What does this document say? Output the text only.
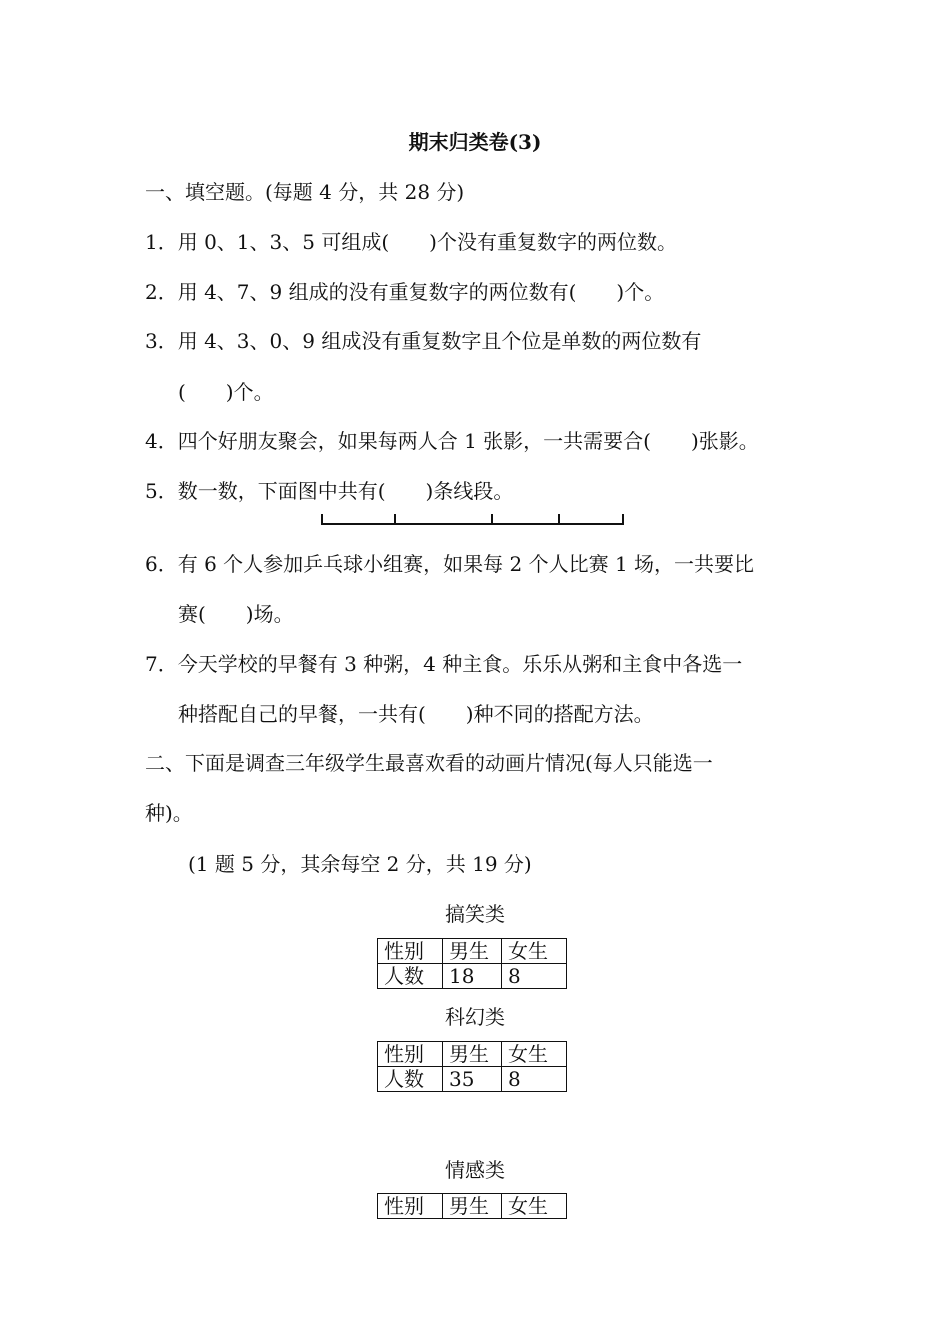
期末归类卷(3)
一、填空题。(每题 4 分，共 28 分)
1．用 0、1、3、5 可组成(　　)个没有重复数字的两位数。
2．用 4、7、9 组成的没有重复数字的两位数有(　　)个。
3．用 4、3、0、9 组成没有重复数字且个位是单数的两位数有
(　　)个。
4．四个好朋友聚会，如果每两人合 1 张影，一共需要合(　　)张影。
5．数一数，下面图中共有(　　)条线段。
6．有 6 个人参加乒乓球小组赛，如果每 2 个人比赛 1 场，一共要比
赛(　　)场。
7．今天学校的早餐有 3 种粥，4 种主食。乐乐从粥和主食中各选一
种搭配自己的早餐，一共有(　　)种不同的搭配方法。
二、下面是调查三年级学生最喜欢看的动画片情况(每人只能选一
种)。
(1 题 5 分，其余每空 2 分，共 19 分)
搞笑类
性别	男生	女生
人数	18	8
科幻类
性别	男生	女生
人数	35	8
情感类
性别	男生	女生
